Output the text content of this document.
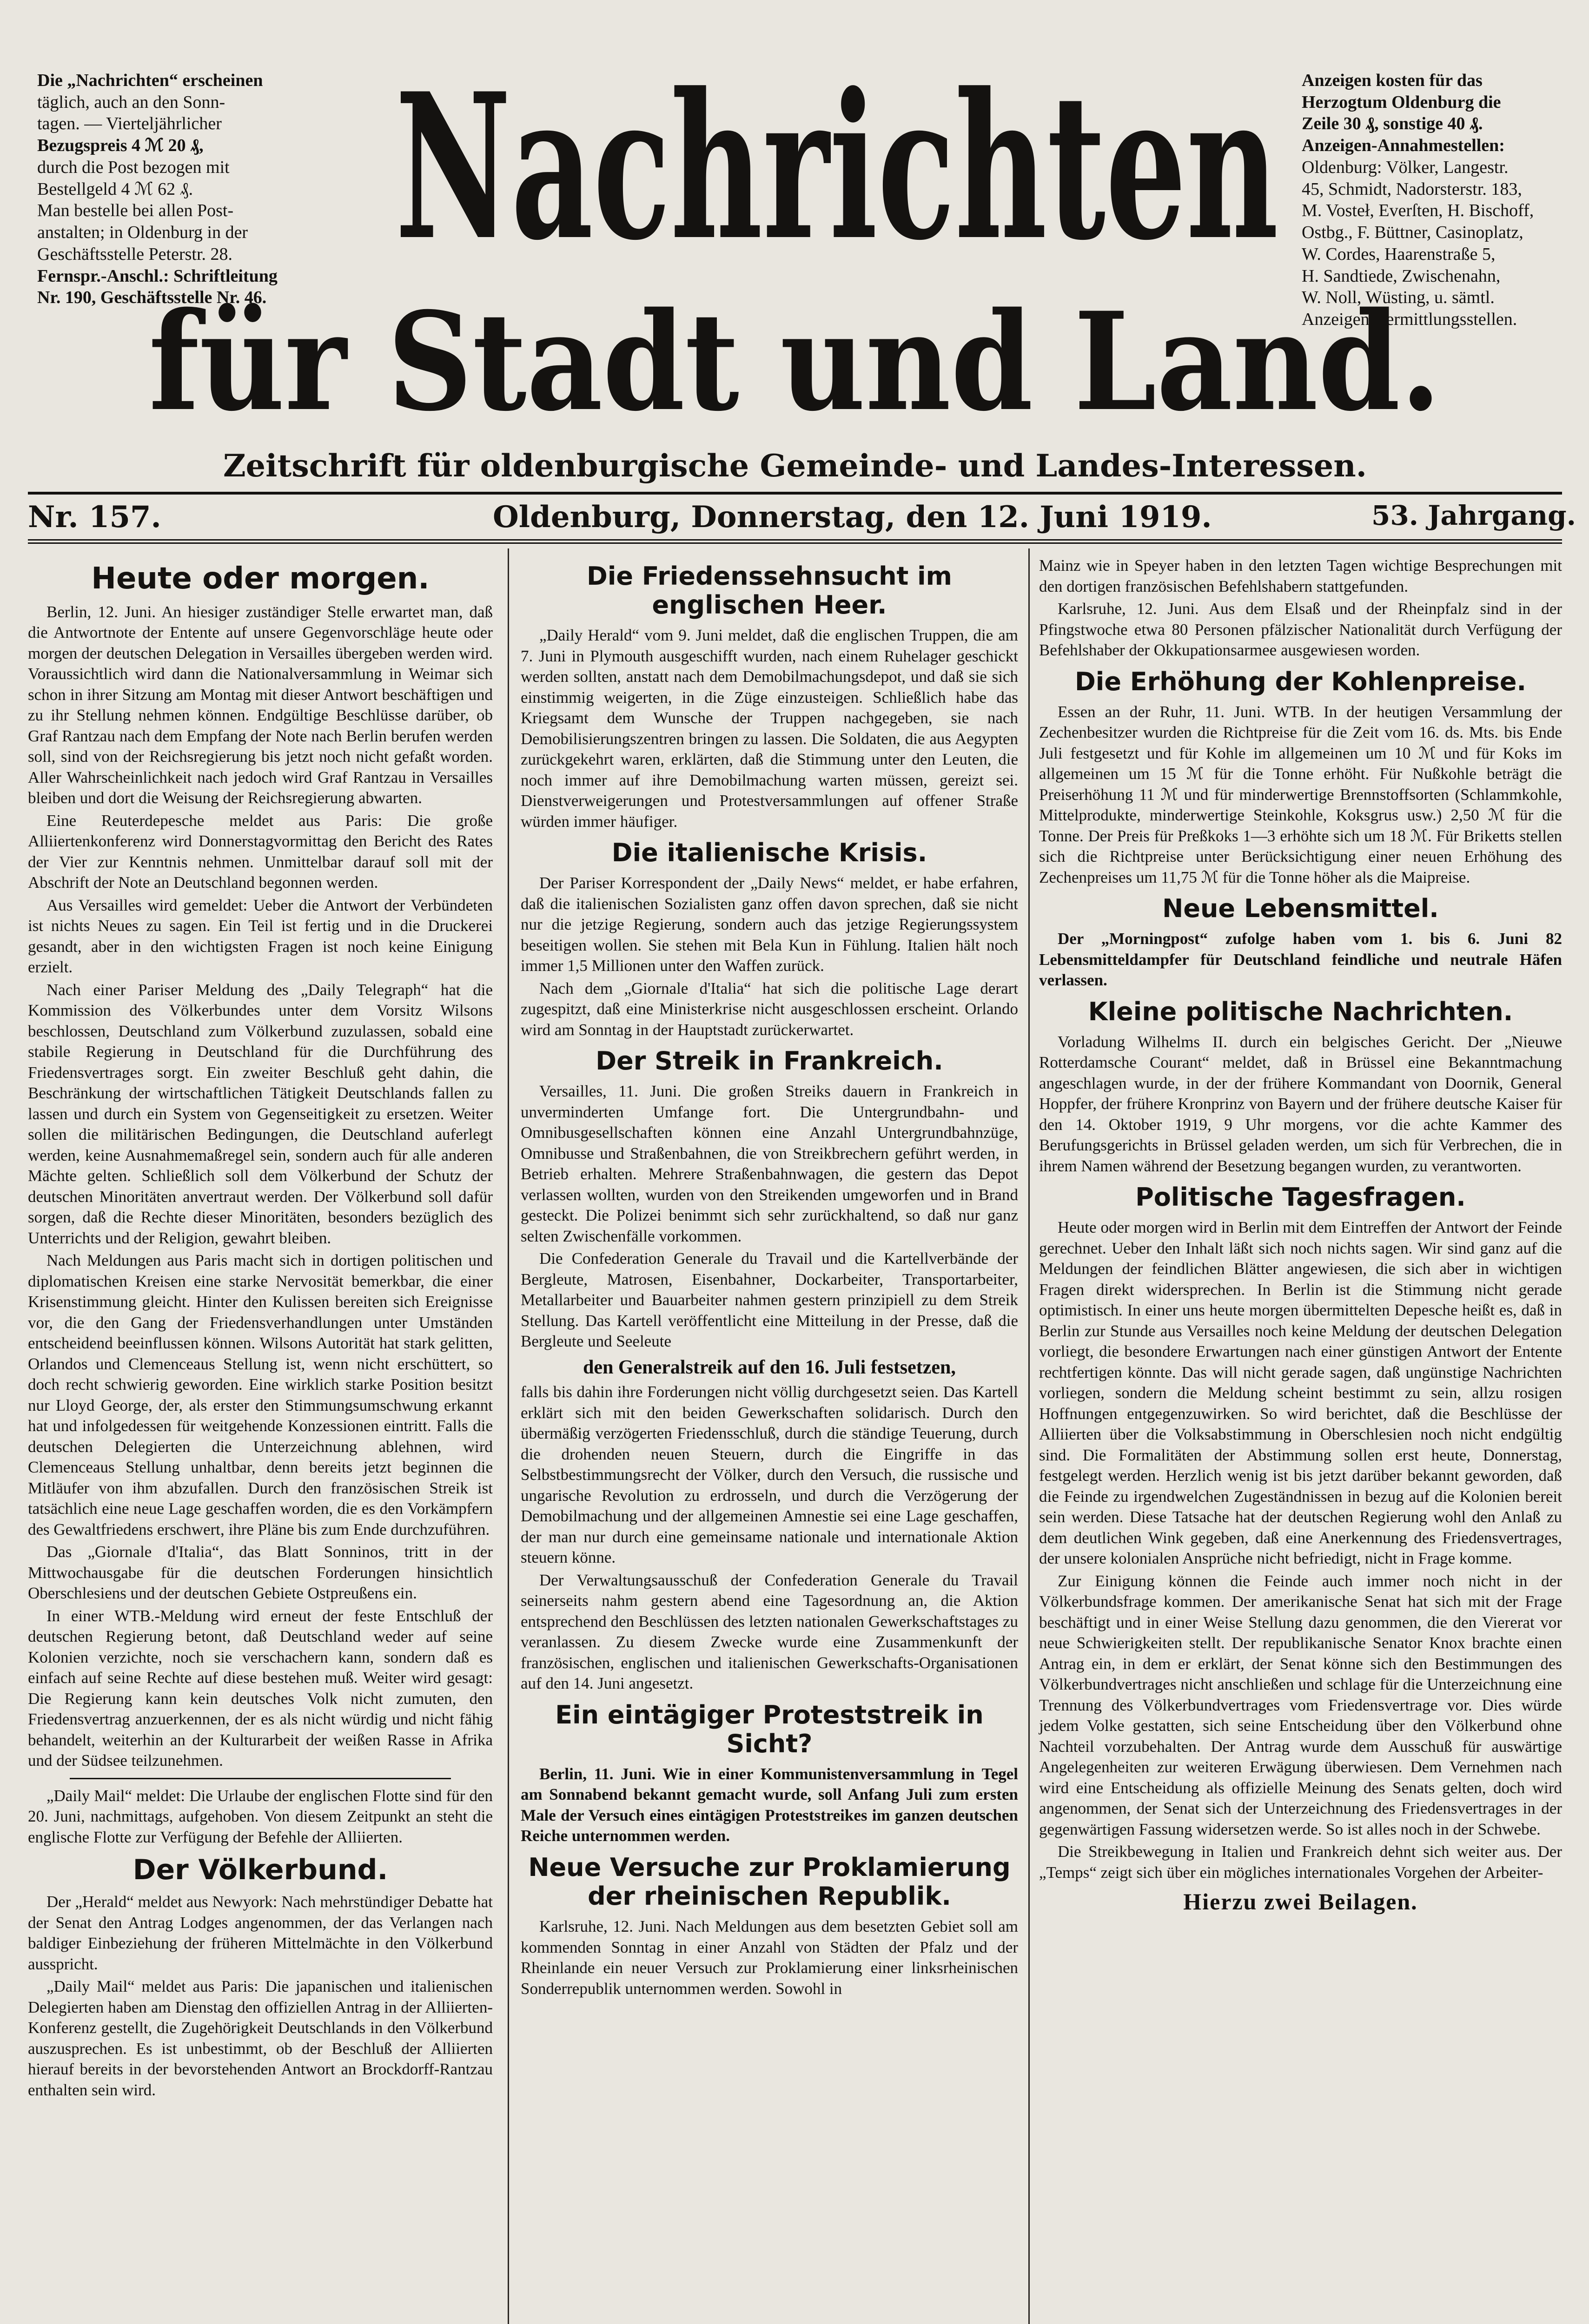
Die „Nachrichten“ erscheinen
täglich, auch an den Sonn-
tagen. — Vierteljährlicher
Bezugspreis 4 ℳ 20 ₰,
durch die Post bezogen mit
Bestellgeld 4 ℳ 62 ₰.
Man bestelle bei allen Post-
anstalten; in Oldenburg in der
Geschäftsstelle Peterstr. 28.
Fernspr.-Anschl.: Schriftleitung
Nr. 190, Geschäftsstelle Nr. 46.
Nachrichten
für Stadt und Land.
Zeitschrift für oldenburgische Gemeinde- und Landes-Interessen.
Anzeigen kosten für das
Herzogtum Oldenburg die
Zeile 30 ₰, sonstige 40 ₰.
Anzeigen-Annahmestellen:
Oldenburg: Völker, Langestr.
45, Schmidt, Nadorsterstr. 183,
M. Vosteł, Everſten, H. Bischoff,
Ostbg., F. Büttner, Casinoplatz,
W. Cordes, Haarenstraße 5,
H. Sandtiede, Zwischenahn,
W. Noll, Wüsting, u. sämtl.
Anzeigen-Vermittlungsstellen.
Nr. 157.	Oldenburg, Donnerstag, den 12. Juni 1919.	53. Jahrgang.
Heute oder morgen.

Berlin, 12. Juni. An hiesiger zuständiger Stelle erwartet man, daß die Antwortnote der Entente auf unsere Gegenvorschläge heute oder morgen der deutschen Delegation in Versailles übergeben werden wird. Voraussichtlich wird dann die Nationalversammlung in Weimar sich schon in ihrer Sitzung am Montag mit dieser Antwort beschäftigen und zu ihr Stellung nehmen können. Endgültige Beschlüsse darüber, ob Graf Rantzau nach dem Empfang der Note nach Berlin berufen werden soll, sind von der Reichsregierung bis jetzt noch nicht gefaßt worden. Aller Wahrscheinlichkeit nach jedoch wird Graf Rantzau in Versailles bleiben und dort die Weisung der Reichsregierung abwarten.

Eine Reuterdepesche meldet aus Paris: Die große Alliiertenkonferenz wird Donnerstagvormittag den Bericht des Rates der Vier zur Kenntnis nehmen. Unmittelbar darauf soll mit der Abschrift der Note an Deutschland begonnen werden.

Aus Versailles wird gemeldet: Ueber die Antwort der Verbündeten ist nichts Neues zu sagen. Ein Teil ist fertig und in die Druckerei gesandt, aber in den wichtigsten Fragen ist noch keine Einigung erzielt.

Nach einer Pariser Meldung des „Daily Telegraph“ hat die Kommission des Völkerbundes unter dem Vorsitz Wilsons beschlossen, Deutschland zum Völkerbund zuzulassen, sobald eine stabile Regierung in Deutschland für die Durchführung des Friedensvertrages sorgt. Ein zweiter Beschluß geht dahin, die Beschränkung der wirtschaftlichen Tätigkeit Deutschlands fallen zu lassen und durch ein System von Gegenseitigkeit zu ersetzen. Weiter sollen die militärischen Bedingungen, die Deutschland auferlegt werden, keine Ausnahmemaßregel sein, sondern auch für alle anderen Mächte gelten. Schließlich soll dem Völkerbund der Schutz der deutschen Minoritäten anvertraut werden. Der Völkerbund soll dafür sorgen, daß die Rechte dieser Minoritäten, besonders bezüglich des Unterrichts und der Religion, gewahrt bleiben.

Nach Meldungen aus Paris macht sich in dortigen politischen und diplomatischen Kreisen eine starke Nervosität bemerkbar, die einer Krisenstimmung gleicht. Hinter den Kulissen bereiten sich Ereignisse vor, die den Gang der Friedensverhandlungen unter Umständen entscheidend beeinflussen können. Wilsons Autorität hat stark gelitten, Orlandos und Clemenceaus Stellung ist, wenn nicht erschüttert, so doch recht schwierig geworden. Eine wirklich starke Position besitzt nur Lloyd George, der, als erster den Stimmungsumschwung erkannt hat und infolgedessen für weitgehende Konzessionen eintritt. Falls die deutschen Delegierten die Unterzeichnung ablehnen, wird Clemenceaus Stellung unhaltbar, denn bereits jetzt beginnen die Mitläufer von ihm abzufallen. Durch den französischen Streik ist tatsächlich eine neue Lage geschaffen worden, die es den Vorkämpfern des Gewaltfriedens erschwert, ihre Pläne bis zum Ende durchzuführen.

Das „Giornale d'Italia“, das Blatt Sonninos, tritt in der Mittwochausgabe für die deutschen Forderungen hinsichtlich Oberschlesiens und der deutschen Gebiete Ostpreußens ein.

In einer WTB.-Meldung wird erneut der feste Entschluß der deutschen Regierung betont, daß Deutschland weder auf seine Kolonien verzichte, noch sie verschachern kann, sondern daß es einfach auf seine Rechte auf diese bestehen muß. Weiter wird gesagt: Die Regierung kann kein deutsches Volk nicht zumuten, den Friedensvertrag anzuerkennen, der es als nicht würdig und nicht fähig behandelt, weiterhin an der Kulturarbeit der weißen Rasse in Afrika und der Südsee teilzunehmen.

„Daily Mail“ meldet: Die Urlaube der englischen Flotte sind für den 20. Juni, nachmittags, aufgehoben. Von diesem Zeitpunkt an steht die englische Flotte zur Verfügung der Befehle der Alliierten.

Der Völkerbund.

Der „Herald“ meldet aus Newyork: Nach mehrstündiger Debatte hat der Senat den Antrag Lodges angenommen, der das Verlangen nach baldiger Einbeziehung der früheren Mittelmächte in den Völkerbund ausspricht.

„Daily Mail“ meldet aus Paris: Die japanischen und italienischen Delegierten haben am Dienstag den offiziellen Antrag in der Alliierten-Konferenz gestellt, die Zugehörigkeit Deutschlands in den Völkerbund auszusprechen. Es ist unbestimmt, ob der Beschluß der Alliierten hierauf bereits in der bevorstehenden Antwort an Brockdorff-Rantzau enthalten sein wird.

Die Friedenssehnsucht im englischen Heer.

„Daily Herald“ vom 9. Juni meldet, daß die englischen Truppen, die am 7. Juni in Plymouth ausgeschifft wurden, nach einem Ruhelager geschickt werden sollten, anstatt nach dem Demobilmachungsdepot, und daß sie sich einstimmig weigerten, in die Züge einzusteigen. Schließlich habe das Kriegsamt dem Wunsche der Truppen nachgegeben, sie nach Demobilisierungszentren bringen zu lassen. Die Soldaten, die aus Aegypten zurückgekehrt waren, erklärten, daß die Stimmung unter den Leuten, die noch immer auf ihre Demobilmachung warten müssen, gereizt sei. Dienstverweigerungen und Protestversammlungen auf offener Straße würden immer häufiger.

Die italienische Krisis.

Der Pariser Korrespondent der „Daily News“ meldet, er habe erfahren, daß die italienischen Sozialisten ganz offen davon sprechen, daß sie nicht nur die jetzige Regierung, sondern auch das jetzige Regierungssystem beseitigen wollen. Sie stehen mit Bela Kun in Fühlung. Italien hält noch immer 1,5 Millionen unter den Waffen zurück.

Nach dem „Giornale d'Italia“ hat sich die politische Lage derart zugespitzt, daß eine Ministerkrise nicht ausgeschlossen erscheint. Orlando wird am Sonntag in der Hauptstadt zurückerwartet.

Der Streik in Frankreich.

Versailles, 11. Juni. Die großen Streiks dauern in Frankreich in unverminderten Umfange fort. Die Untergrundbahn- und Omnibusgesellschaften können eine Anzahl Untergrundbahnzüge, Omnibusse und Straßenbahnen, die von Streikbrechern geführt werden, in Betrieb erhalten. Mehrere Straßenbahnwagen, die gestern das Depot verlassen wollten, wurden von den Streikenden umgeworfen und in Brand gesteckt. Die Polizei benimmt sich sehr zurückhaltend, so daß nur ganz selten Zwischenfälle vorkommen.

Die Confederation Generale du Travail und die Kartellverbände der Bergleute, Matrosen, Eisenbahner, Dockarbeiter, Transportarbeiter, Metallarbeiter und Bauarbeiter nahmen gestern prinzipiell zu dem Streik Stellung. Das Kartell veröffentlicht eine Mitteilung in der Presse, daß die Bergleute und Seeleute

den Generalstreik auf den 16. Juli festsetzen,

falls bis dahin ihre Forderungen nicht völlig durchgesetzt seien. Das Kartell erklärt sich mit den beiden Gewerkschaften solidarisch. Durch den übermäßig verzögerten Friedensschluß, durch die ständige Teuerung, durch die drohenden neuen Steuern, durch die Eingriffe in das Selbstbestimmungsrecht der Völker, durch den Versuch, die russische und ungarische Revolution zu erdrosseln, und durch die Verzögerung der Demobilmachung und der allgemeinen Amnestie sei eine Lage geschaffen, der man nur durch eine gemeinsame nationale und internationale Aktion steuern könne.

Der Verwaltungsausschuß der Confederation Generale du Travail seinerseits nahm gestern abend eine Tagesordnung an, die Aktion entsprechend den Beschlüssen des letzten nationalen Gewerkschaftstages zu veranlassen. Zu diesem Zwecke wurde eine Zusammenkunft der französischen, englischen und italienischen Gewerkschafts-Organisationen auf den 14. Juni angesetzt.

Ein eintägiger Proteststreik in Sicht?

Berlin, 11. Juni. Wie in einer Kommunistenversammlung in Tegel am Sonnabend bekannt gemacht wurde, soll Anfang Juli zum ersten Male der Versuch eines eintägigen Proteststreikes im ganzen deutschen Reiche unternommen werden.

Neue Versuche zur Proklamierung der rheinischen Republik.

Karlsruhe, 12. Juni. Nach Meldungen aus dem besetzten Gebiet soll am kommenden Sonntag in einer Anzahl von Städten der Pfalz und der Rheinlande ein neuer Versuch zur Proklamierung einer linksrheinischen Sonderrepublik unternommen werden. Sowohl in

Mainz wie in Speyer haben in den letzten Tagen wichtige Besprechungen mit den dortigen französischen Befehlshabern stattgefunden.

Karlsruhe, 12. Juni. Aus dem Elsaß und der Rheinpfalz sind in der Pfingstwoche etwa 80 Personen pfälzischer Nationalität durch Verfügung der Befehlshaber der Okkupationsarmee ausgewiesen worden.

Die Erhöhung der Kohlenpreise.

Essen an der Ruhr, 11. Juni. WTB. In der heutigen Versammlung der Zechenbesitzer wurden die Richtpreise für die Zeit vom 16. ds. Mts. bis Ende Juli festgesetzt und für Kohle im allgemeinen um 10 ℳ und für Koks im allgemeinen um 15 ℳ für die Tonne erhöht. Für Nußkohle beträgt die Preiserhöhung 11 ℳ und für minderwertige Brennstoffsorten (Schlammkohle, Mittelprodukte, minderwertige Steinkohle, Koksgrus usw.) 2,50 ℳ für die Tonne. Der Preis für Preßkoks 1—3 erhöhte sich um 18 ℳ. Für Briketts stellen sich die Richtpreise unter Berücksichtigung einer neuen Erhöhung des Zechenpreises um 11,75 ℳ für die Tonne höher als die Maipreise.

Neue Lebensmittel.

Der „Morningpost“ zufolge haben vom 1. bis 6. Juni 82 Lebensmitteldampfer für Deutschland feindliche und neutrale Häfen verlassen.

Kleine politische Nachrichten.

Vorladung Wilhelms II. durch ein belgisches Gericht. Der „Nieuwe Rotterdamsche Courant“ meldet, daß in Brüssel eine Bekanntmachung angeschlagen wurde, in der der frühere Kommandant von Doornik, General Hoppfer, der frühere Kronprinz von Bayern und der frühere deutsche Kaiser für den 14. Oktober 1919, 9 Uhr morgens, vor die achte Kammer des Berufungsgerichts in Brüssel geladen werden, um sich für Verbrechen, die in ihrem Namen während der Besetzung begangen wurden, zu verantworten.

Politische Tagesfragen.

Heute oder morgen wird in Berlin mit dem Eintreffen der Antwort der Feinde gerechnet. Ueber den Inhalt läßt sich noch nichts sagen. Wir sind ganz auf die Meldungen der feindlichen Blätter angewiesen, die sich aber in wichtigen Fragen direkt widersprechen. In Berlin ist die Stimmung nicht gerade optimistisch. In einer uns heute morgen übermittelten Depesche heißt es, daß in Berlin zur Stunde aus Versailles noch keine Meldung der deutschen Delegation vorliegt, die besondere Erwartungen nach einer günstigen Antwort der Entente rechtfertigen könnte. Das will nicht gerade sagen, daß ungünstige Nachrichten vorliegen, sondern die Meldung scheint bestimmt zu sein, allzu rosigen Hoffnungen entgegenzuwirken. So wird berichtet, daß die Beschlüsse der Alliierten über die Volksabstimmung in Oberschlesien noch nicht endgültig sind. Die Formalitäten der Abstimmung sollen erst heute, Donnerstag, festgelegt werden. Herzlich wenig ist bis jetzt darüber bekannt geworden, daß die Feinde zu irgendwelchen Zugeständnissen in bezug auf die Kolonien bereit sein werden. Diese Tatsache hat der deutschen Regierung wohl den Anlaß zu dem deutlichen Wink gegeben, daß eine Anerkennung des Friedensvertrages, der unsere kolonialen Ansprüche nicht befriedigt, nicht in Frage komme.

Zur Einigung können die Feinde auch immer noch nicht in der Völkerbundsfrage kommen. Der amerikanische Senat hat sich mit der Frage beschäftigt und in einer Weise Stellung dazu genommen, die den Viererat vor neue Schwierigkeiten stellt. Der republikanische Senator Knox brachte einen Antrag ein, in dem er erklärt, der Senat könne sich den Bestimmungen des Völkerbundvertrages nicht anschließen und schlage für die Unterzeichnung eine Trennung des Völkerbundvertrages vom Friedensvertrage vor. Dies würde jedem Volke gestatten, sich seine Entscheidung über den Völkerbund ohne Nachteil vorzubehalten. Der Antrag wurde dem Ausschuß für auswärtige Angelegenheiten zur weiteren Erwägung überwiesen. Dem Vernehmen nach wird eine Entscheidung als offizielle Meinung des Senats gelten, doch wird angenommen, der Senat sich der Unterzeichnung des Friedensvertrages in der gegenwärtigen Fassung widersetzen werde. So ist alles noch in der Schwebe.

Die Streikbewegung in Italien und Frankreich dehnt sich weiter aus. Der „Temps“ zeigt sich über ein mögliches internationales Vorgehen der Arbeiter-

Hierzu zwei Beilagen.
